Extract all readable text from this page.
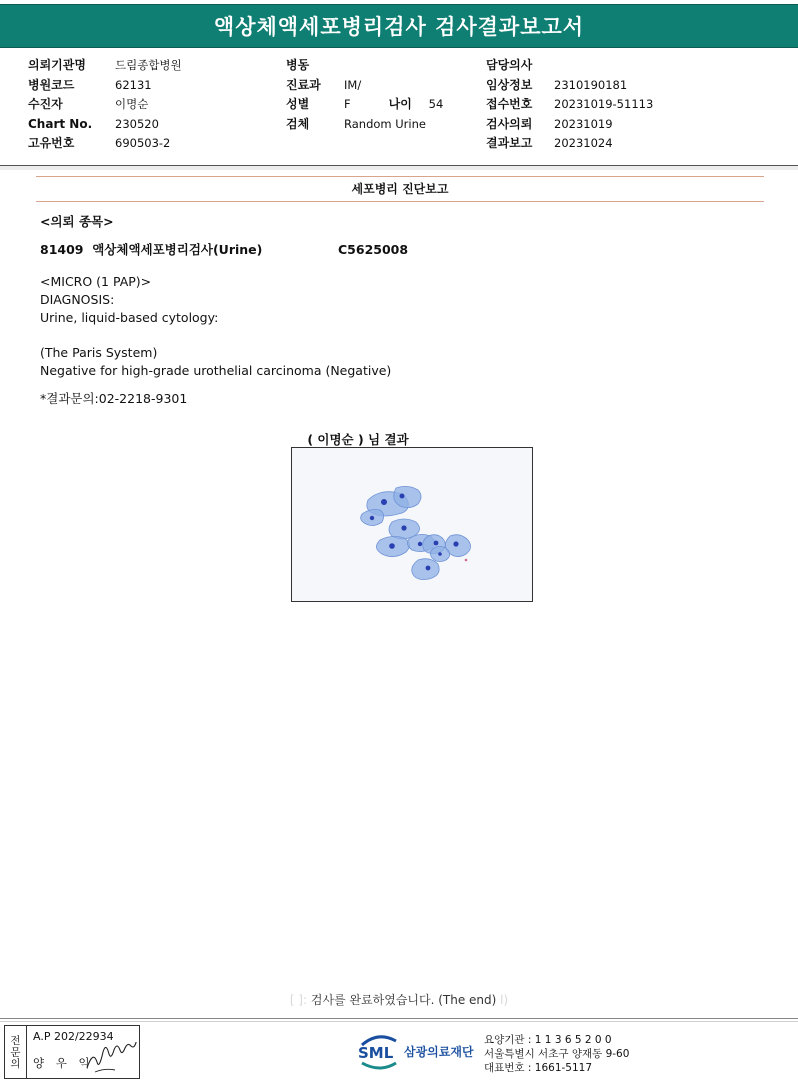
액상체액세포병리검사 검사결과보고서
의뢰기관명	드림종합병원
병원코드	62131
수진자	이명순
Chart No. 230520
고유번호	690503-2
병동
진료과 IM/
성별	F	나이 54
검체	Random Urine
담당의사
임상정보 2310190181
접수번호 20231019-51113
검사의뢰 20231019
결과보고 20231024
세포병리 진단보고
<의뢰 종목>
81409 액상체액세포병리검사(Urine)	C5625008
<MICRO (1 PAP)>
DIAGNOSIS:
Urine, liquid-based cytology:
(The Paris System)
Negative for high-grade urothelial carcinoma (Negative)
*결과문의:02-2218-9301
( 이명순 ) 님 결과
[ ]: 검사를 완료하였습니다. (The end) l)
전문의 A.P 202/22934
양 우 익
SML 삼광의료재단
요양기관 : 1 1 3 6 5 2 0 0
서울특별시 서초구 양재동 9-60
대표번호 : 1661-5117
